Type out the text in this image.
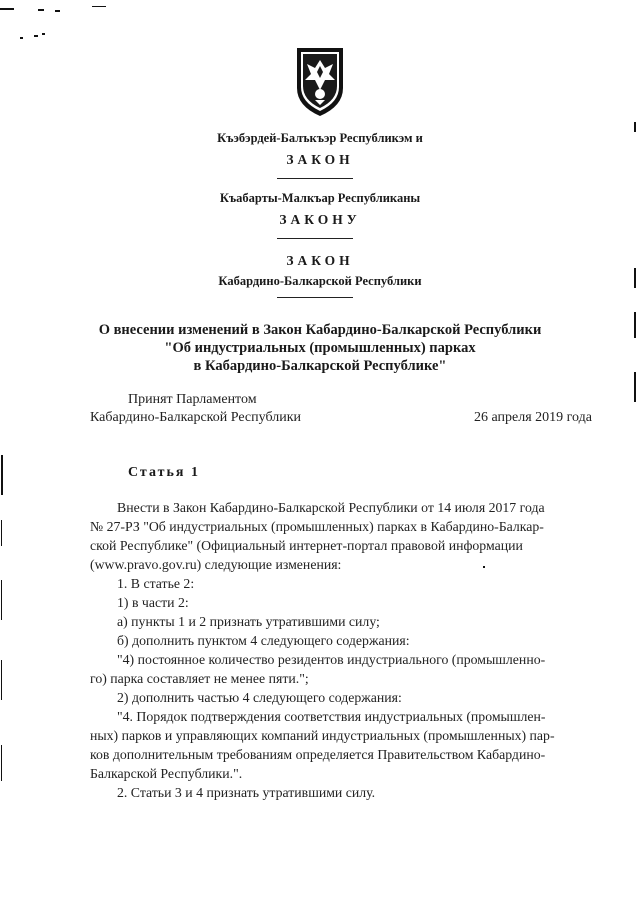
Къэбэрдей-Балъкъэр Республикэм и
ЗАКОН
Къабарты-Малкъар Республиканы
ЗАКОНУ
ЗАКОН
Кабардино-Балкарской Республики
О внесении изменений в Закон Кабардино-Балкарской Республики
"Об индустриальных (промышленных) парках
в Кабардино-Балкарской Республике"
Принят Парламентом
Кабардино-Балкарской Республики	26 апреля 2019 года
Статья 1
Внести в Закон Кабардино-Балкарской Республики от 14 июля 2017 года
№ 27-РЗ "Об индустриальных (промышленных) парках в Кабардино-Балкар-
ской Республике" (Официальный интернет-портал правовой информации
(www.pravo.gov.ru) следующие изменения:
1. В статье 2:
1) в части 2:
а) пункты 1 и 2 признать утратившими силу;
б) дополнить пунктом 4 следующего содержания:
"4) постоянное количество резидентов индустриального (промышленно-
го) парка составляет не менее пяти.";
2) дополнить частью 4 следующего содержания:
"4. Порядок подтверждения соответствия индустриальных (промышлен-
ных) парков и управляющих компаний индустриальных (промышленных) пар-
ков дополнительным требованиям определяется Правительством Кабардино-
Балкарской Республики.".
2. Статьи 3 и 4 признать утратившими силу.
